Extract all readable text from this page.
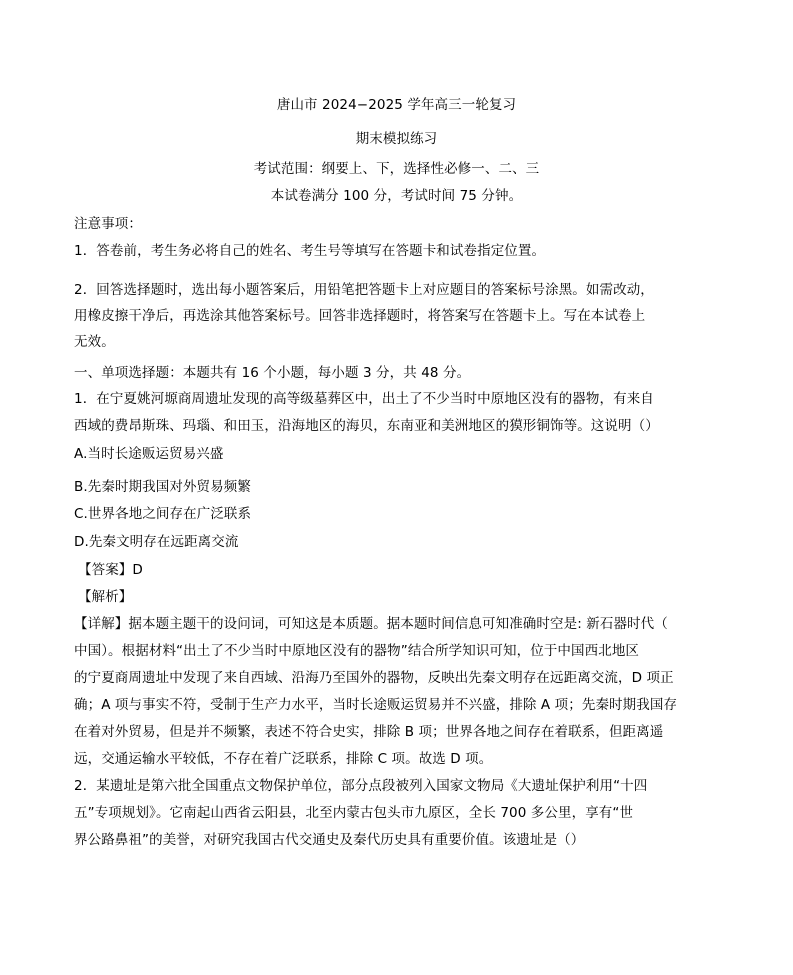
唐山市 2024−2025 学年高三一轮复习
期末模拟练习
考试范围：纲要上、下，选择性必修一、二、三
本试卷满分 100 分，考试时间 75 分钟。
注意事项：
1．答卷前，考生务必将自己的姓名、考生号等填写在答题卡和试卷指定位置。
2．回答选择题时，选出每小题答案后，用铅笔把答题卡上对应题目的答案标号涂黑。如需改动，
用橡皮擦干净后，再选涂其他答案标号。回答非选择题时，将答案写在答题卡上。写在本试卷上
无效。
一、单项选择题：本题共有 16 个小题，每小题 3 分，共 48 分。
1．在宁夏姚河塬商周遗址发现的高等级墓葬区中，出土了不少当时中原地区没有的器物，有来自
西域的费昂斯珠、玛瑙、和田玉，沿海地区的海贝，东南亚和美洲地区的獏形铜饰等。这说明（）
A.当时长途贩运贸易兴盛
B.先秦时期我国对外贸易频繁
C.世界各地之间存在广泛联系
D.先秦文明存在远距离交流
【答案】D
【解析】
【详解】据本题主题干的设问词，可知这是本质题。据本题时间信息可知准确时空是: 新石器时代（
中国）。根据材料“出土了不少当时中原地区没有的器物”结合所学知识可知，位于中国西北地区
的宁夏商周遗址中发现了来自西域、沿海乃至国外的器物，反映出先秦文明存在远距离交流，D 项正
确；A 项与事实不符，受制于生产力水平，当时长途贩运贸易并不兴盛，排除 A 项；先秦时期我国存
在着对外贸易，但是并不频繁，表述不符合史实，排除 B 项；世界各地之间存在着联系，但距离遥
远，交通运输水平较低，不存在着广泛联系，排除 C 项。故选 D 项。
2．某遗址是第六批全国重点文物保护单位，部分点段被列入国家文物局《大遗址保护利用“十四
五”专项规划》。它南起山西省云阳县，北至内蒙古包头市九原区，全长 700 多公里，享有“世
界公路鼻祖”的美誉，对研究我国古代交通史及秦代历史具有重要价值。该遗址是（）
